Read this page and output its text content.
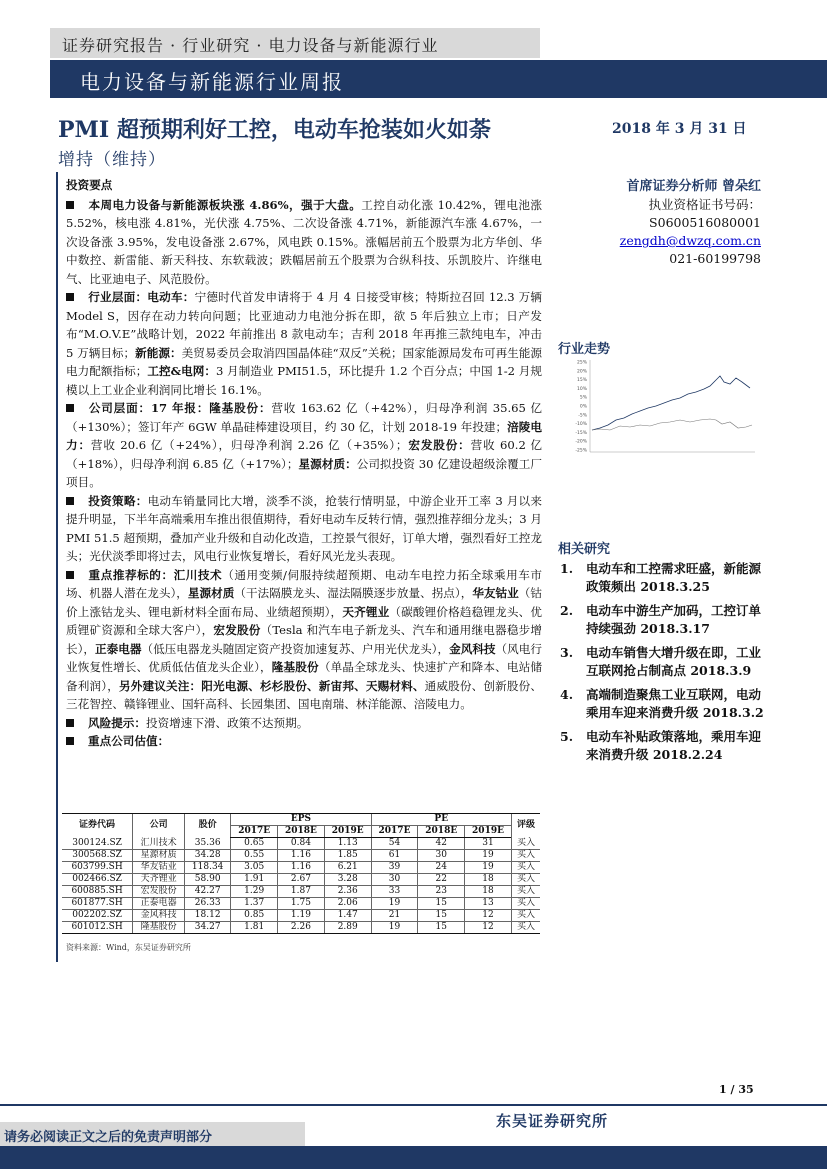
证券研究报告 · 行业研究 · 电力设备与新能源行业
电力设备与新能源行业周报
PMI 超预期利好工控，电动车抢装如火如荼	2018 年 3 月 31 日
增持（维持）
投资要点

本周电力设备与新能源板块涨 4.86%，强于大盘。工控自动化涨 10.42%，锂电池涨 5.52%，核电涨 4.81%，光伏涨 4.75%、二次设备涨 4.71%，新能源汽车涨 4.67%，一次设备涨 3.95%，发电设备涨 2.67%，风电跌 0.15%。涨幅居前五个股票为北方华创、华中数控、新雷能、新天科技、东软载波；跌幅居前五个股票为合纵科技、乐凯胶片、许继电气、比亚迪电子、风范股份。

行业层面：电动车：宁德时代首发申请将于 4 月 4 日接受审核；特斯拉召回 12.3 万辆 Model S，因存在动力转向问题；比亚迪动力电池分拆在即，欲 5 年后独立上市；日产发布“M.O.V.E”战略计划，2022 年前推出 8 款电动车；吉利 2018 年再推三款纯电车，冲击 5 万辆目标；新能源：美贸易委员会取消四国晶体硅“双反”关税；国家能源局发布可再生能源电力配额指标；工控&电网：3 月制造业 PMI51.5，环比提升 1.2 个百分点；中国 1-2 月规模以上工业企业利润同比增长 16.1%。

公司层面：17 年报：隆基股份：营收 163.62 亿（+42%），归母净利润 35.65 亿（+130%）；签订年产 6GW 单晶硅棒建设项目，约 30 亿，计划 2018-19 年投建；涪陵电力：营收 20.6 亿（+24%），归母净利润 2.26 亿（+35%）；宏发股份：营收 60.2 亿（+18%），归母净利润 6.85 亿（+17%）；星源材质：公司拟投资 30 亿建设超级涂覆工厂项目。

投资策略：电动车销量同比大增，淡季不淡，抢装行情明显，中游企业开工率 3 月以来提升明显，下半年高端乘用车推出很值期待，看好电动车反转行情，强烈推荐细分龙头；3 月 PMI 51.5 超预期，叠加产业升级和自动化改造，工控景气很好，订单大增，强烈看好工控龙头；光伏淡季即将过去，风电行业恢复增长，看好风光龙头表现。

重点推荐标的：汇川技术（通用变频/伺服持续超预期、电动车电控力拓全球乘用车市场、机器人潜在龙头），星源材质（干法隔膜龙头、湿法隔膜逐步放量、拐点），华友钴业（钴价上涨钴龙头、锂电新材料全面布局、业绩超预期），天齐锂业（碳酸锂价格趋稳锂龙头、优质锂矿资源和全球大客户），宏发股份（Tesla 和汽车电子新龙头、汽车和通用继电器稳步增长），正泰电器（低压电器龙头随固定资产投资加速复苏、户用光伏龙头），金风科技（风电行业恢复性增长、优质低估值龙头企业），隆基股份（单晶全球龙头、快速扩产和降本、电站储备利润），另外建议关注：阳光电源、杉杉股份、新宙邦、天赐材料、通威股份、创新股份、三花智控、赣锋锂业、国轩高科、长园集团、国电南瑞、林洋能源、涪陵电力。

风险提示：投资增速下滑、政策不达预期。

重点公司估值：

证券代码	公司	股价	EPS			PE			评级
			2017E	2018E	2019E	2017E	2018E	2019E	
300124.SZ	汇川技术	35.36	0.65	0.84	1.13	54	42	31	买入
300568.SZ	星源材质	34.28	0.55	1.16	1.85	61	30	19	买入
603799.SH	华友钴业	118.34	3.05	1.16	6.21	39	24	19	买入
002466.SZ	天齐锂业	58.90	1.91	2.67	3.28	30	22	18	买入
600885.SH	宏发股份	42.27	1.29	1.87	2.36	33	23	18	买入
601877.SH	正泰电器	26.33	1.37	1.75	2.06	19	15	13	买入
002202.SZ	金风科技	18.12	0.85	1.19	1.47	21	15	12	买入
601012.SH	隆基股份	34.27	1.81	2.26	2.89	19	15	12	买入
资料来源：Wind，东吴证券研究所
首席证券分析师 曾朵红
执业资格证书号码：
S0600516080001
zengdh@dwzq.com.cn
021-60199798
行业走势
25%
20%
15%
10%
5%
0%
-5%
-10%
-15%
-20%
-25%
相关研究
1.	电动车和工控需求旺盛，新能源政策频出 2018.3.25
2.	电动车中游生产加码，工控订单持续强劲 2018.3.17
3.	电动车销售大增升级在即，工业互联网抢占制高点 2018.3.9
4.	高端制造聚焦工业互联网，电动乘用车迎来消费升级 2018.3.2
5.	电动车补贴政策落地，乘用车迎来消费升级 2018.2.24
1 / 35
东吴证券研究所
请务必阅读正文之后的免责声明部分
